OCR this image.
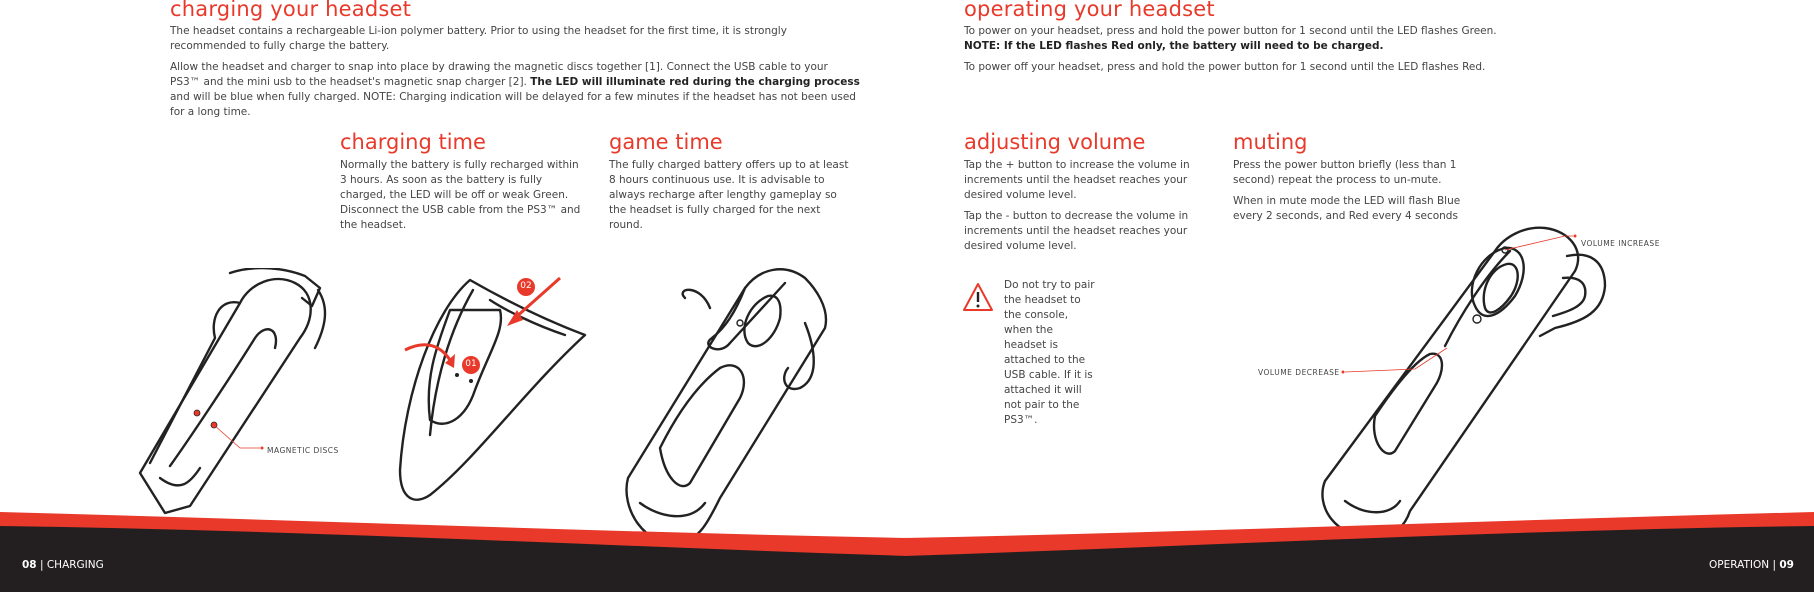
charging your headset

The headset contains a rechargeable Li-ion polymer battery. Prior to using the headset for the first time, it is strongly recommended to fully charge the battery.

Allow the headset and charger to snap into place by drawing the magnetic discs together [1]. Connect the USB cable to your PS3™ and the mini usb to the headset's magnetic snap charger [2]. The LED will illuminate red during the charging process and will be blue when fully charged. NOTE: Charging indication will be delayed for a few minutes if the headset has not been used for a long time.

charging time

Normally the battery is fully recharged within 3 hours. As soon as the battery is fully charged, the LED will be off or weak Green. Disconnect the USB cable from the PS3™ and the headset.

game time

The fully charged battery offers up to at least 8 hours continuous use. It is advisable to always recharge after lengthy gameplay so the headset is fully charged for the next round.

MAGNETIC DISCS
01
02
08 | CHARGING
operating your headset

To power on your headset, press and hold the power button for 1 second until the LED flashes Green.

NOTE: If the LED flashes Red only, the battery will need to be charged.

To power off your headset, press and hold the power button for 1 second until the LED flashes Red.

adjusting volume

Tap the + button to increase the volume in increments until the headset reaches your desired volume level.

Tap the - button to decrease the volume in increments until the headset reaches your desired volume level.

muting

Press the power button briefly (less than 1 second) repeat the process to un-mute.

When in mute mode the LED will flash Blue every 2 seconds, and Red every 4 seconds

Do not try to pair the headset to the console, when the headset is attached to the USB cable. If it is attached it will not pair to the PS3™.

VOLUME INCREASE
VOLUME DECREASE
OPERATION | 09
